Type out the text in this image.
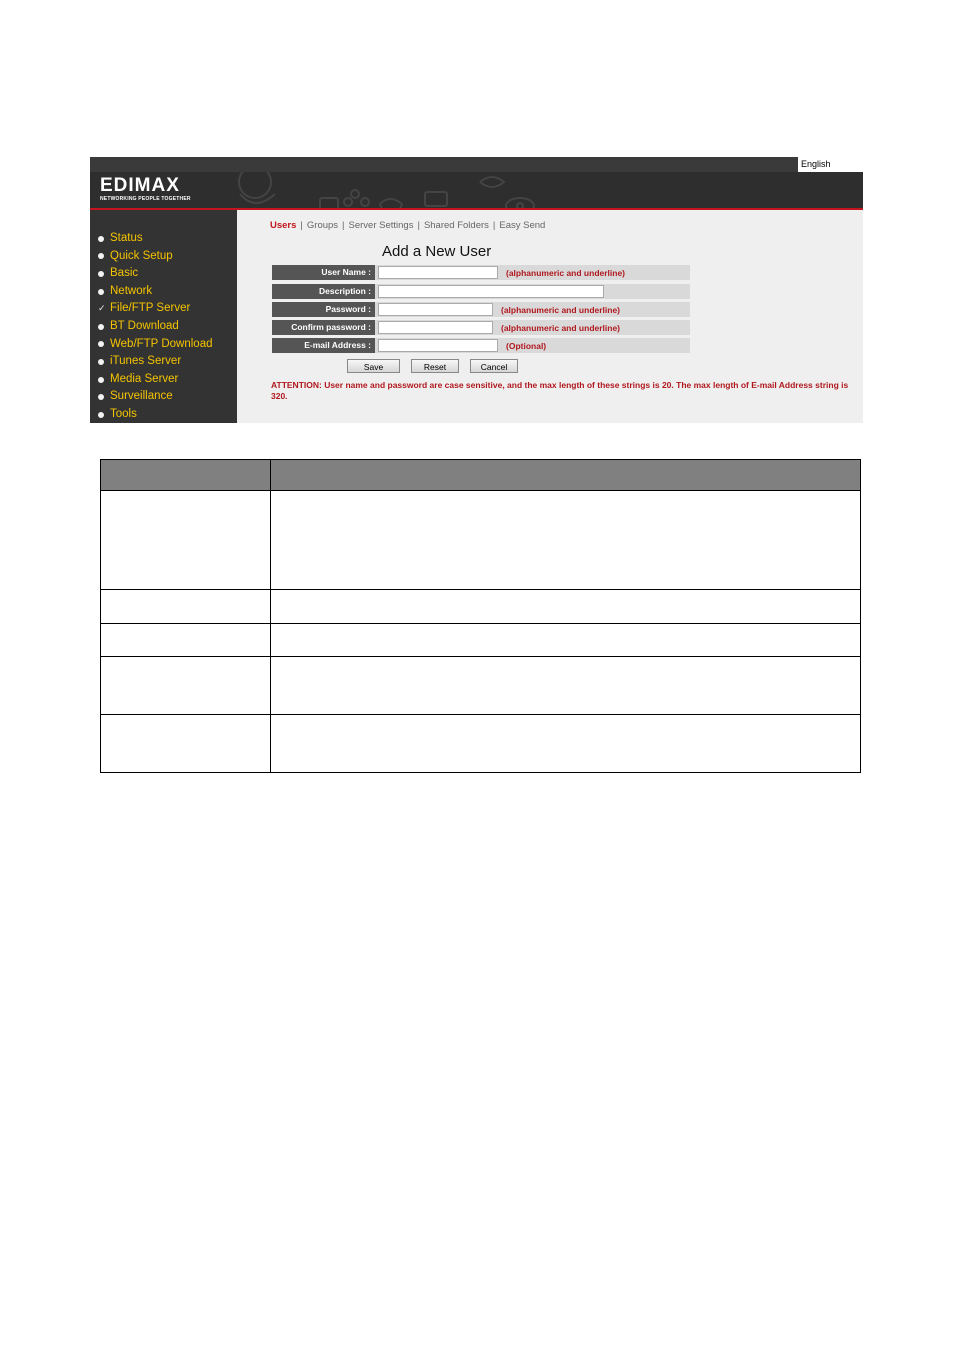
English
EDIMAX
NETWORKING PEOPLE TOGETHER
Status
Quick Setup
Basic
Network
✓ File/FTP Server
BT Download
Web/FTP Download
iTunes Server
Media Server
Surveillance
Tools
Users | Groups | Server Settings | Shared Folders | Easy Send
Add a New User
User Name :	(alphanumeric and underline)
Description :
Password :	(alphanumeric and underline)
Confirm password :	(alphanumeric and underline)
E-mail Address :	(Optional)
Save	Reset	Cancel
ATTENTION: User name and password are case sensitive, and the max length of these strings is 20. The max length of E-mail Address string is 320.
